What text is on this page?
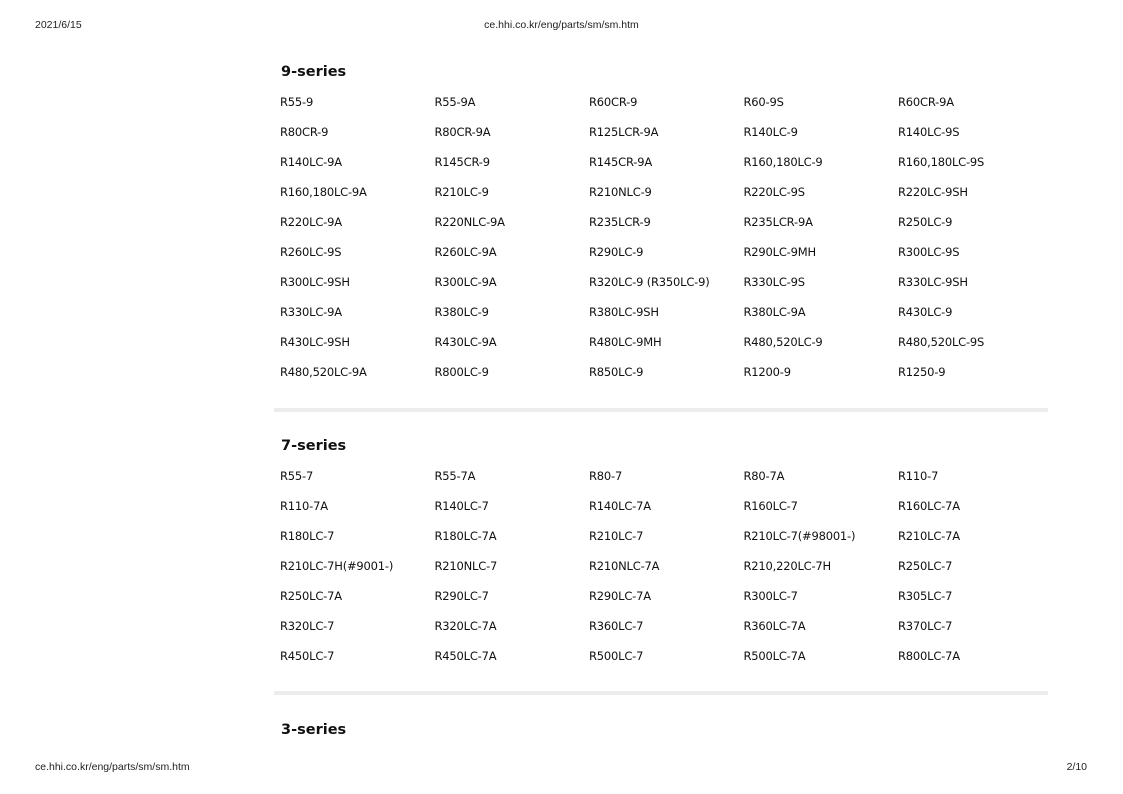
2021/6/15	ce.hhi.co.kr/eng/parts/sm/sm.htm
9-series
R55-9	R55-9A	R60CR-9	R60-9S	R60CR-9A
R80CR-9	R80CR-9A	R125LCR-9A	R140LC-9	R140LC-9S
R140LC-9A	R145CR-9	R145CR-9A	R160,180LC-9	R160,180LC-9S
R160,180LC-9A	R210LC-9	R210NLC-9	R220LC-9S	R220LC-9SH
R220LC-9A	R220NLC-9A	R235LCR-9	R235LCR-9A	R250LC-9
R260LC-9S	R260LC-9A	R290LC-9	R290LC-9MH	R300LC-9S
R300LC-9SH	R300LC-9A	R320LC-9 (R350LC-9)	R330LC-9S	R330LC-9SH
R330LC-9A	R380LC-9	R380LC-9SH	R380LC-9A	R430LC-9
R430LC-9SH	R430LC-9A	R480LC-9MH	R480,520LC-9	R480,520LC-9S
R480,520LC-9A	R800LC-9	R850LC-9	R1200-9	R1250-9
7-series
R55-7	R55-7A	R80-7	R80-7A	R110-7
R110-7A	R140LC-7	R140LC-7A	R160LC-7	R160LC-7A
R180LC-7	R180LC-7A	R210LC-7	R210LC-7(#98001-)	R210LC-7A
R210LC-7H(#9001-)	R210NLC-7	R210NLC-7A	R210,220LC-7H	R250LC-7
R250LC-7A	R290LC-7	R290LC-7A	R300LC-7	R305LC-7
R320LC-7	R320LC-7A	R360LC-7	R360LC-7A	R370LC-7
R450LC-7	R450LC-7A	R500LC-7	R500LC-7A	R800LC-7A
3-series
ce.hhi.co.kr/eng/parts/sm/sm.htm	2/10
